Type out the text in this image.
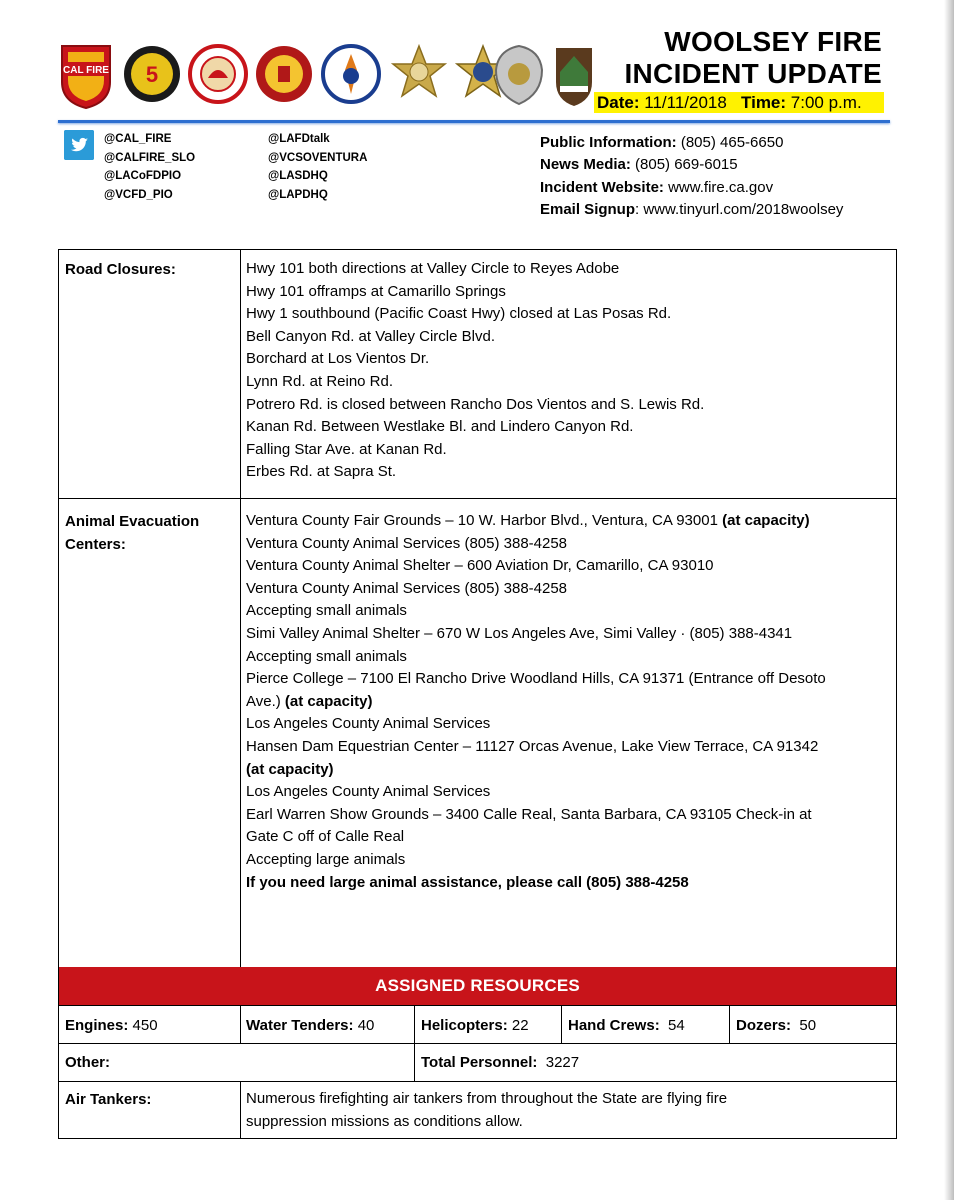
CAL FIRE 5
WOOLSEY FIRE
INCIDENT UPDATE
Date: 11/11/2018 Time: 7:00 p.m.
@CAL_FIRE
@CALFIRE_SLO
@LACoFDPIO
@VCFD_PIO
@LAFDtalk
@VCSOVENTURA
@LASDHQ
@LAPDHQ
Public Information: (805) 465-6650
News Media: (805) 669-6015
Incident Website: www.fire.ca.gov
Email Signup: www.tinyurl.com/2018woolsey
Road Closures:	Hwy 101 both directions at Valley Circle to Reyes Adobe
Hwy 101 offramps at Camarillo Springs
Hwy 1 southbound (Pacific Coast Hwy) closed at Las Posas Rd.
Bell Canyon Rd. at Valley Circle Blvd.
Borchard at Los Vientos Dr.
Lynn Rd. at Reino Rd.
Potrero Rd. is closed between Rancho Dos Vientos and S. Lewis Rd.
Kanan Rd. Between Westlake Bl. and Lindero Canyon Rd.
Falling Star Ave. at Kanan Rd.
Erbes Rd. at Sapra St.
Animal Evacuation
Centers:
Ventura County Fair Grounds – 10 W. Harbor Blvd., Ventura, CA 93001 (at capacity)
Ventura County Animal Services (805) 388-4258
Ventura County Animal Shelter – 600 Aviation Dr, Camarillo, CA 93010
Ventura County Animal Services (805) 388-4258
Accepting small animals
Simi Valley Animal Shelter – 670 W Los Angeles Ave, Simi Valley · (805) 388-4341
Accepting small animals
Pierce College – 7100 El Rancho Drive Woodland Hills, CA 91371 (Entrance off Desoto
Ave.) (at capacity)
Los Angeles County Animal Services
Hansen Dam Equestrian Center – 11127 Orcas Avenue, Lake View Terrace, CA 91342
(at capacity)
Los Angeles County Animal Services
Earl Warren Show Grounds – 3400 Calle Real, Santa Barbara, CA 93105 Check-in at
Gate C off of Calle Real
Accepting large animals
If you need large animal assistance, please call (805) 388-4258
ASSIGNED RESOURCES
Engines: 450	Water Tenders: 40	Helicopters: 22	Hand Crews:  54	Dozers:  50
Other:	Total Personnel:  3227
Air Tankers:	Numerous firefighting air tankers from throughout the State are flying fire
suppression missions as conditions allow.
